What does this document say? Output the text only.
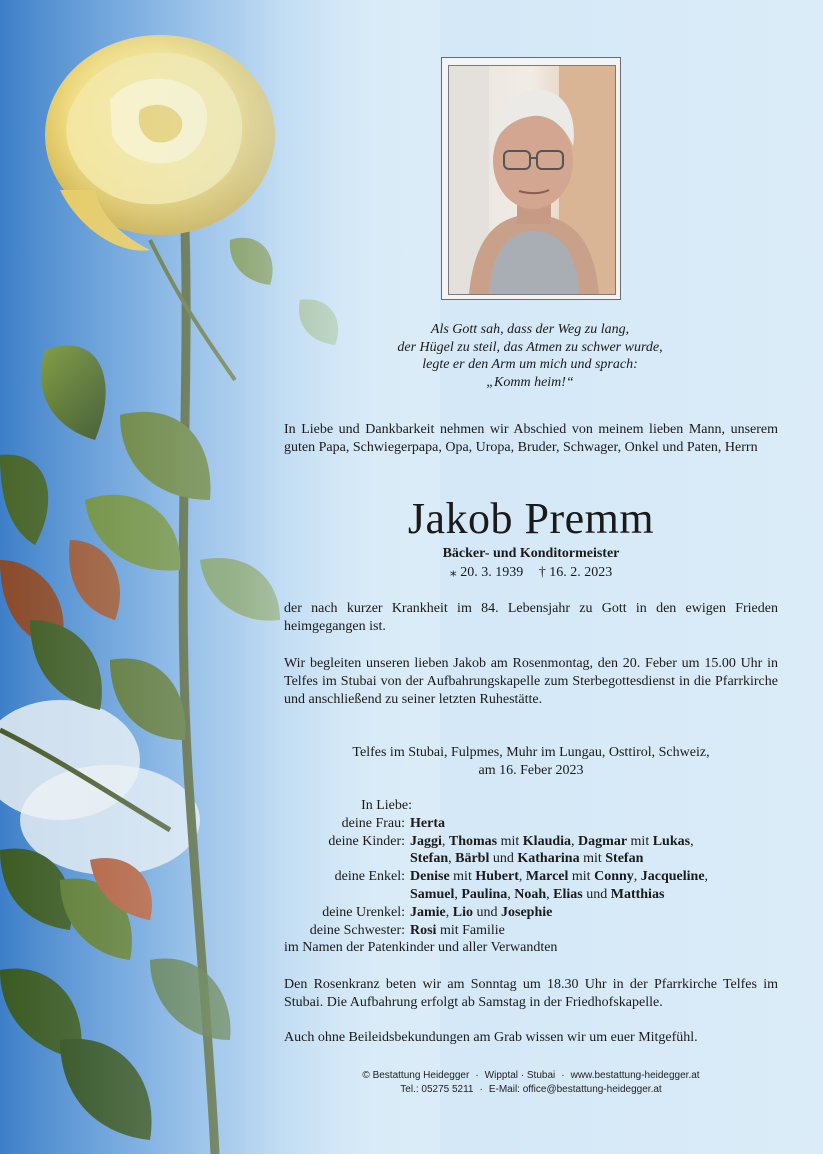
Als Gott sah, dass der Weg zu lang,
der Hügel zu steil, das Atmen zu schwer wurde,
legte er den Arm um mich und sprach:
„Komm heim!“
In Liebe und Dankbarkeit nehmen wir Abschied von meinem lieben Mann, unserem guten Papa, Schwiegerpapa, Opa, Uropa, Bruder, Schwager, Onkel und Paten, Herrn
Jakob Premm
Bäcker- und Konditormeister
⁎ 20. 3. 1939 † 16. 2. 2023
der nach kurzer Krankheit im 84. Lebensjahr zu Gott in den ewigen Frieden heimgegangen ist.
Wir begleiten unseren lieben Jakob am Rosenmontag, den 20. Feber um 15.00 Uhr in Telfes im Stubai von der Aufbahrungskapelle zum Sterbegottesdienst in die Pfarrkirche und anschließend zu seiner letzten Ruhestätte.
Telfes im Stubai, Fulpmes, Muhr im Lungau, Osttirol, Schweiz,
am 16. Feber 2023
In Liebe:
deine Frau: Herta
deine Kinder: Jaggi, Thomas mit Klaudia, Dagmar mit Lukas,
Stefan, Bärbl und Katharina mit Stefan
deine Enkel: Denise mit Hubert, Marcel mit Conny, Jacqueline,
Samuel, Paulina, Noah, Elias und Matthias
deine Urenkel: Jamie, Lio und Josephie
deine Schwester: Rosi mit Familie
im Namen der Patenkinder und aller Verwandten
Den Rosenkranz beten wir am Sonntag um 18.30 Uhr in der Pfarrkirche Telfes im Stubai. Die Aufbahrung erfolgt ab Samstag in der Friedhofskapelle.
Auch ohne Beileidsbekundungen am Grab wissen wir um euer Mitgefühl.
© Bestattung Heidegger · Wipptal · Stubai · www.bestattung-heidegger.at
Tel.: 05275 5211 · E-Mail: office@bestattung-heidegger.at
